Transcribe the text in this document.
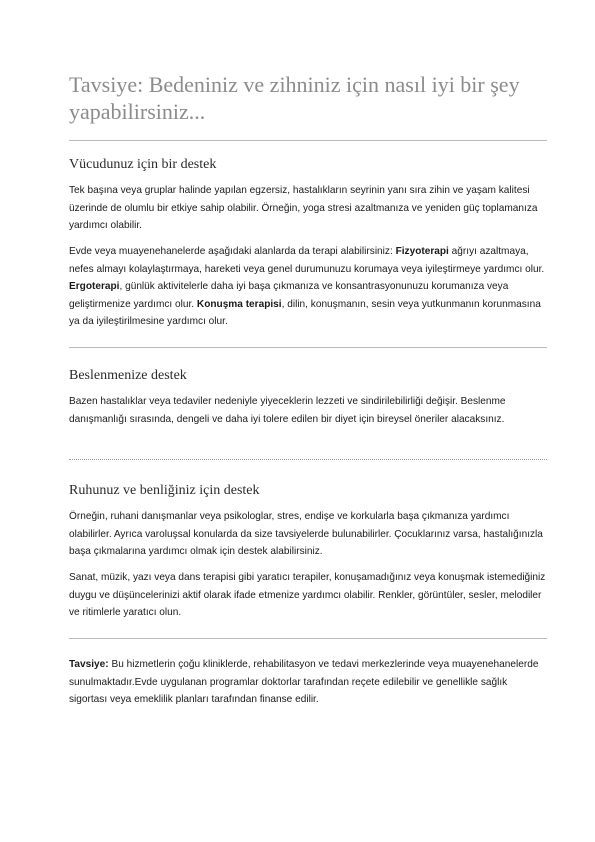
Tavsiye: Bedeniniz ve zihniniz için nasıl iyi bir şey yapabilirsiniz...
Vücudunuz için bir destek

Tek başına veya gruplar halinde yapılan egzersiz, hastalıkların seyrinin yanı sıra zihin ve yaşam kalitesi üzerinde de olumlu bir etkiye sahip olabilir. Örneğin, yoga stresi azaltmanıza ve yeniden güç toplamanıza yardımcı olabilir.

Evde veya muayenehanelerde aşağıdaki alanlarda da terapi alabilirsiniz: Fizyoterapi ağrıyı azaltmaya, nefes almayı kolaylaştırmaya, hareketi veya genel durumunuzu korumaya veya iyileştirmeye yardımcı olur. Ergoterapi, günlük aktivitelerle daha iyi başa çıkmanıza ve konsantrasyonunuzu korumanıza veya geliştirmenize yardımcı olur. Konuşma terapisi, dilin, konuşmanın, sesin veya yutkunmanın korunmasına ya da iyileştirilmesine yardımcı olur.

Beslenmenize destek

Bazen hastalıklar veya tedaviler nedeniyle yiyeceklerin lezzeti ve sindirilebilirliği değişir. Beslenme danışmanlığı sırasında, dengeli ve daha iyi tolere edilen bir diyet için bireysel öneriler alacaksınız.

Ruhunuz ve benliğiniz için destek

Örneğin, ruhani danışmanlar veya psikologlar, stres, endişe ve korkularla başa çıkmanıza yardımcı olabilirler. Ayrıca varoluşsal konularda da size tavsiyelerde bulunabilirler. Çocuklarınız varsa, hastalığınızla başa çıkmalarına yardımcı olmak için destek alabilirsiniz.

Sanat, müzik, yazı veya dans terapisi gibi yaratıcı terapiler, konuşamadığınız veya konuşmak istemediğiniz duygu ve düşüncelerinizi aktif olarak ifade etmenize yardımcı olabilir. Renkler, görüntüler, sesler, melodiler ve ritimlerle yaratıcı olun.

Tavsiye: Bu hizmetlerin çoğu kliniklerde, rehabilitasyon ve tedavi merkezlerinde veya muayenehanelerde sunulmaktadır.Evde uygulanan programlar doktorlar tarafından reçete edilebilir ve genellikle sağlık sigortası veya emeklilik planları tarafından finanse edilir.
